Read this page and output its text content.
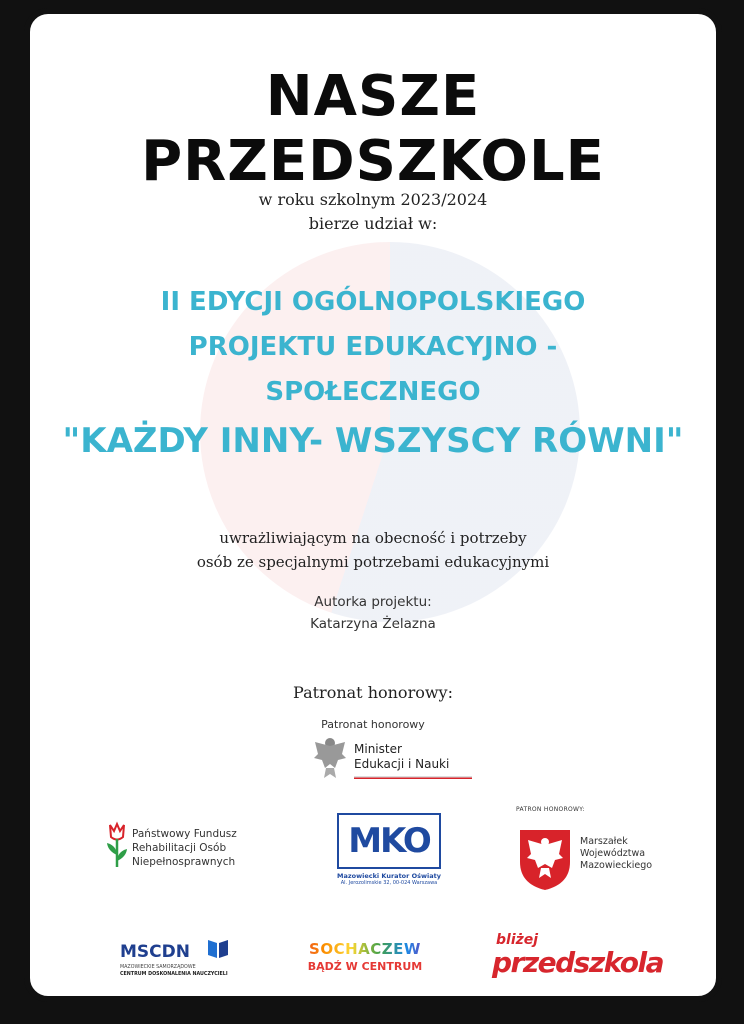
NASZE PRZEDSZKOLE
w roku szkolnym 2023/2024
bierze udział w:
II EDYCJI OGÓLNOPOLSKIEGO
PROJEKTU EDUKACYJNO -
SPOŁECZNEGO
"KAŻDY INNY- WSZYSCY RÓWNI"
uwrażliwiającym na obecność i potrzeby
osób ze specjalnymi potrzebami edukacyjnymi
Autorka projektu:
Katarzyna Żelazna
Patronat honorowy:
Patronat honorowy
Minister
Edukacji i Nauki
Państwowy Fundusz
Rehabilitacji Osób
Niepełnosprawnych
MKO
Mazowiecki Kurator Oświaty
Al. Jerozolimskie 32, 00-024 Warszawa
PATRON HONOROWY:
Marszałek
Województwa
Mazowieckiego
MSCDN
MAZOWIECKIE SAMORZĄDOWE
CENTRUM DOSKONALENIA NAUCZYCIELI
SOCHACZEW
BĄDŹ W CENTRUM
bliżej
przedszkola
